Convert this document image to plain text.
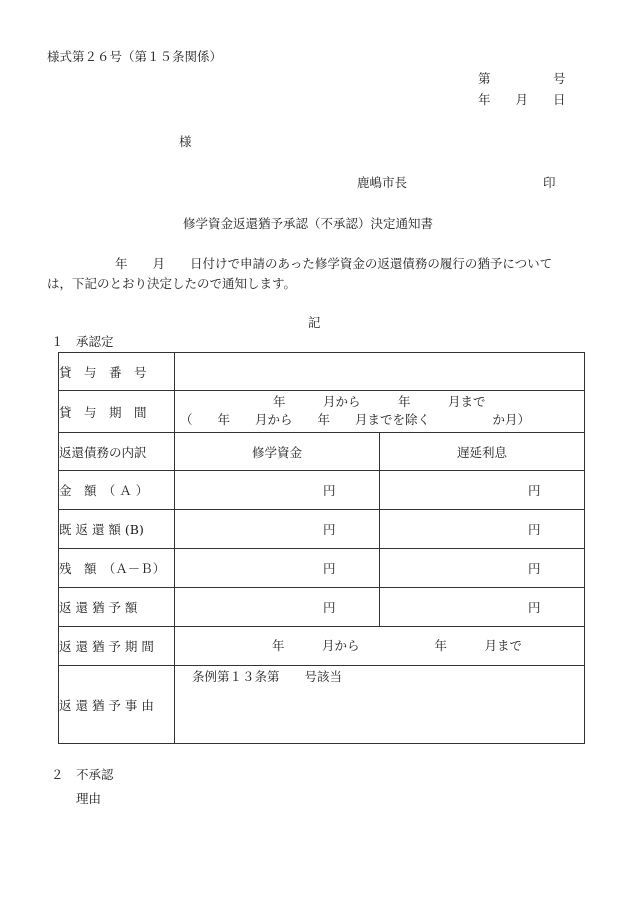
様式第２６号（第１５条関係）
第　　　　　号
年　　月　　日
様
鹿嶋市長	印
修学資金返還猶予承認（不承認）決定通知書
年　　月　　日付けで申請のあった修学資金の返還債務の履行の猶予について
は，下記のとおり決定したので通知します。
記
１　承認定
貸　与　番　号		
貸　与　期　間	年　　　月から　　　年　　　月まで
（　　年　　月から　　年　　月までを除く　　　　　か月）	

返還債務の内訳	修学資金	遅延利息
金　額　（ Ａ ）	円	円

既 返 還 額 (B)	円	円

残　額　（Ａ－Ｂ）	円	円

返 還 猶 予 額	円	円

返 還 猶 予 期 間	年　　　月から　　　　　　年　　　月まで	

返 還 猶 予 事 由	条例第１３条第　　号該当	
２　不承認
理由
